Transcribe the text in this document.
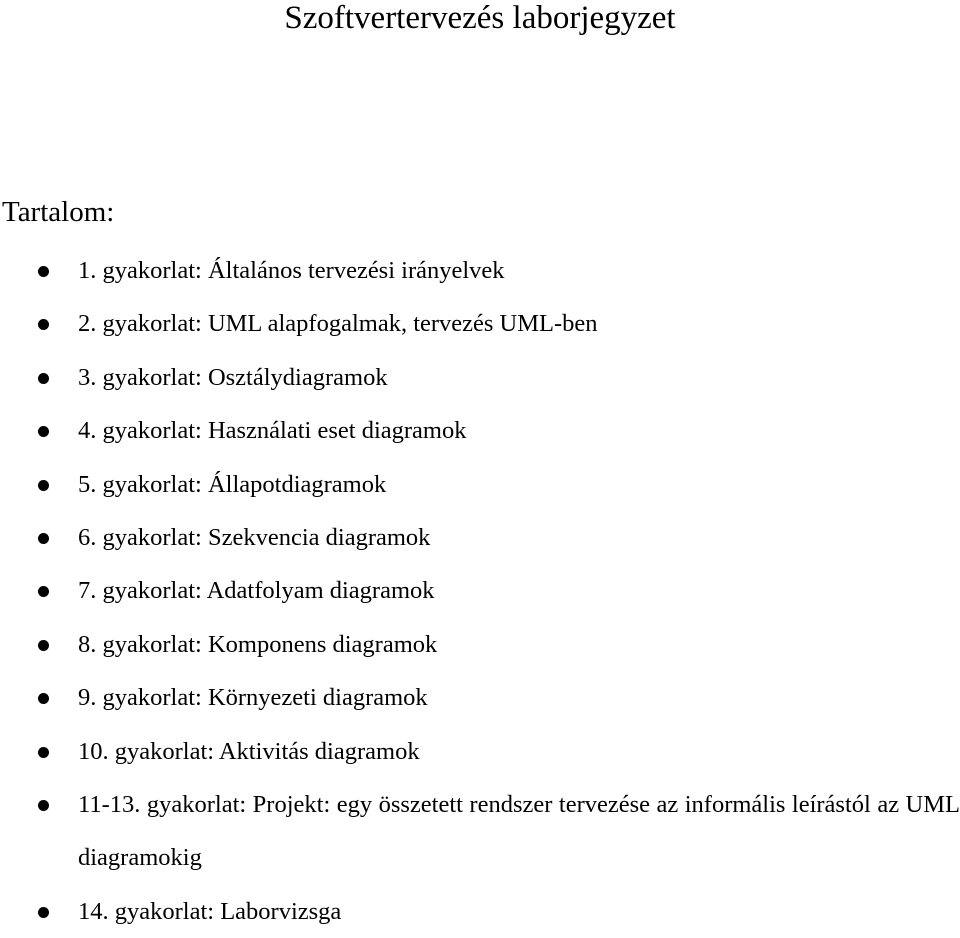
Szoftvertervezés laborjegyzet
Tartalom:
1. gyakorlat: Általános tervezési irányelvek
2. gyakorlat: UML alapfogalmak, tervezés UML-ben
3. gyakorlat: Osztálydiagramok
4. gyakorlat: Használati eset diagramok
5. gyakorlat: Állapotdiagramok
6. gyakorlat: Szekvencia diagramok
7. gyakorlat: Adatfolyam diagramok
8. gyakorlat: Komponens diagramok
9. gyakorlat: Környezeti diagramok
10. gyakorlat: Aktivitás diagramok
11-13. gyakorlat: Projekt: egy összetett rendszer tervezése az informális leírástól az UML diagramokig
14. gyakorlat: Laborvizsga
